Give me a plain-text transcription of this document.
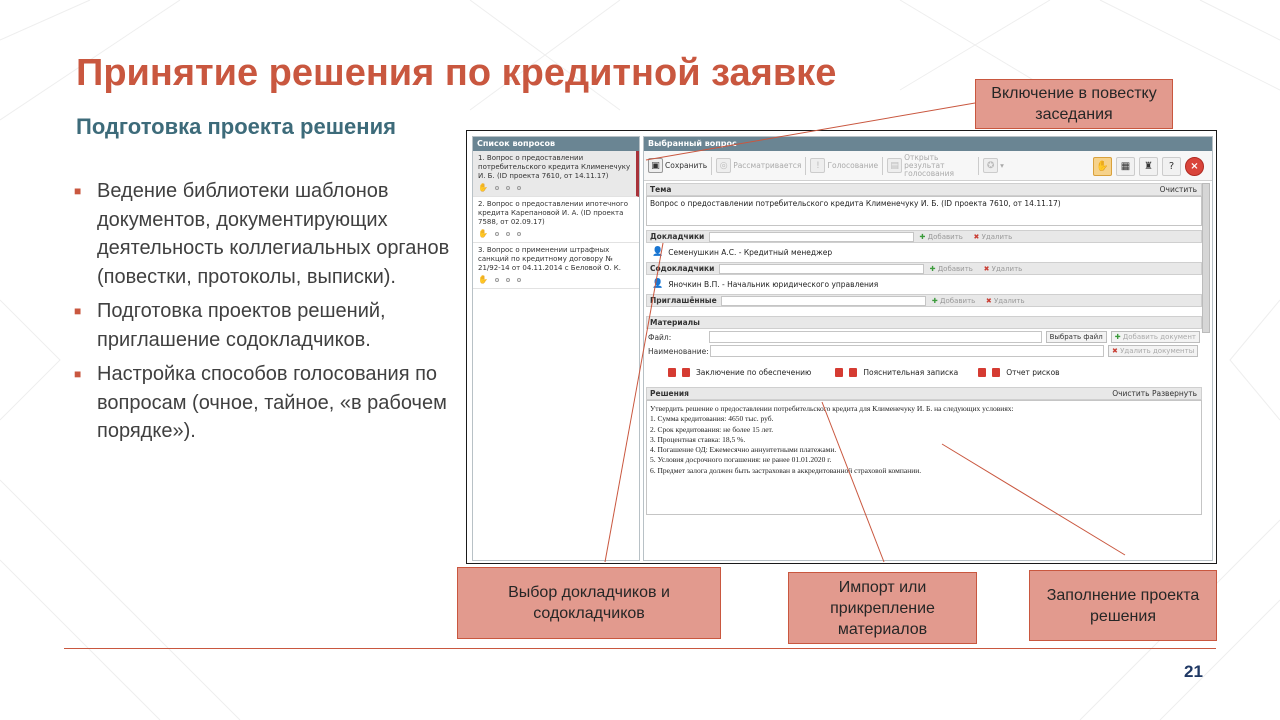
Принятие решения по кредитной заявке
Подготовка проекта решения
■ Ведение библиотеки шаблонов документов, документирующих деятельность коллегиальных органов (повестки, протоколы, выписки).
■ Подготовка проектов решений, приглашение содокладчиков.
■ Настройка способов голосования по вопросам (очное, тайное, «в рабочем порядке»).
Список вопросов
1. Вопрос о предоставлении потребительского кредита Клименечуку И. Б. (ID проекта 7610, от 14.11.17)
✋
2. Вопрос о предоставлении ипотечного кредита Карепановой И. А. (ID проекта 7588, от 02.09.17)
✋
3. Вопрос о применении штрафных санкций по кредитному договору № 21/92-14 от 04.11.2014 с Беловой О. К.
✋
Выбранный вопрос
▣ Сохранить	◎ Рассматривается	!	Голосование	▤
Открыть результат голосования
✪ ▾	✋	▦	♜	?	×
Тема	Очистить
Вопрос о предоставлении потребительского кредита Клименечуку И. Б. (ID проекта 7610, от 14.11.17)
Докладчики	✚ Добавить ✖ Удалить
👤 Семенушкин А.С. - Кредитный менеджер
Содокладчики	✚ Добавить ✖ Удалить
👤 Яночкин В.П. - Начальник юридического управления
Приглашённые	✚ Добавить ✖ Удалить
Материалы
Файл:	Выбрать файл	✚ Добавить документ
Наименование:	✖ Удалить документы
Заключение по обеспечению	Пояснительная записка	Отчет рисков
Решения	Очистить Развернуть
Утвердить решение о предоставлении потребительского кредита для Клименечуку И. Б. на следующих условиях:
1. Сумма кредитования: 4650 тыс. руб.
2. Срок кредитования: не более 15 лет.
3. Процентная ставка: 18,5 %.
4. Погашение ОД: Ежемесячно аннуитетными платежами.
5. Условия досрочного погашения: не ранее 01.01.2020 г.
6. Предмет залога должен быть застрахован в аккредитованной страховой компании.
Включение в повестку заседания
Выбор докладчиков и содокладчиков
Импорт или прикрепление материалов
Заполнение проекта решения
21
